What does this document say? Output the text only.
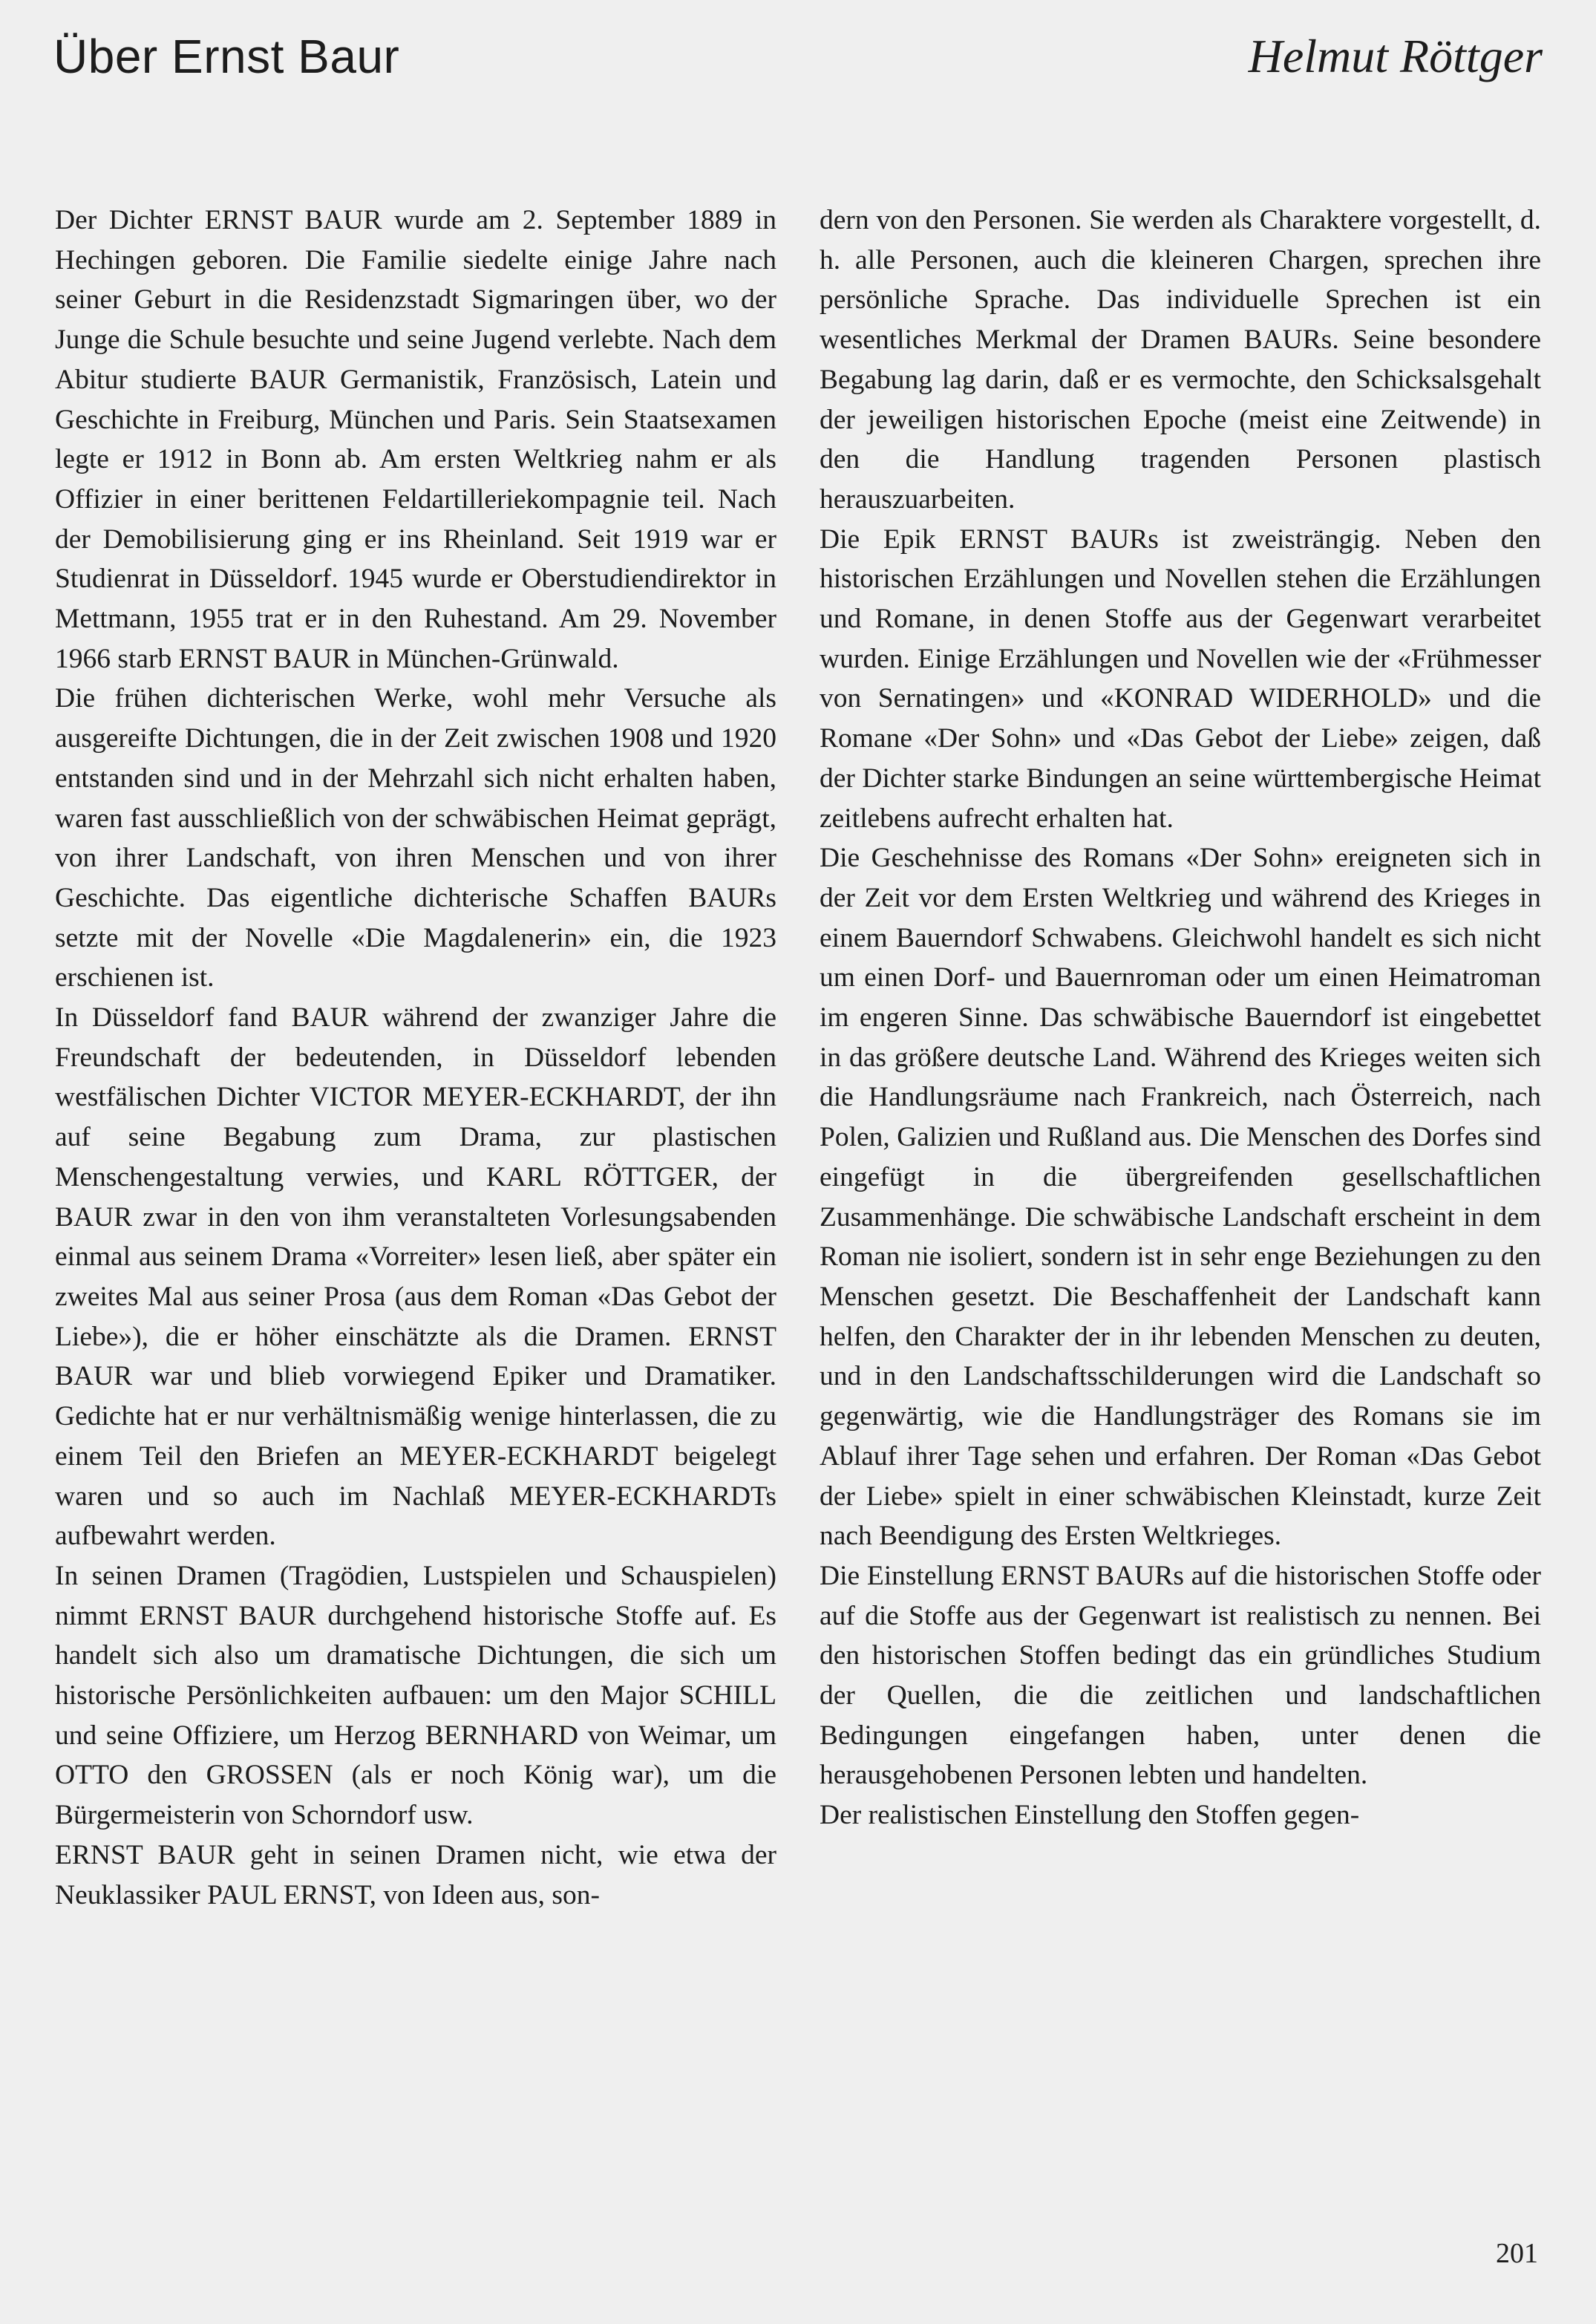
Über Ernst Baur	Helmut Röttger

Der Dichter ERNST BAUR wurde am 2. September 1889 in Hechingen geboren. Die Familie siedelte einige Jahre nach seiner Geburt in die Residenzstadt Sigmaringen über, wo der Junge die Schule besuchte und seine Jugend verlebte. Nach dem Abitur studierte BAUR Germanistik, Französisch, Latein und Geschichte in Freiburg, München und Paris. Sein Staatsexamen legte er 1912 in Bonn ab. Am ersten Weltkrieg nahm er als Offizier in einer berittenen Feldartilleriekompagnie teil. Nach der Demobilisierung ging er ins Rheinland. Seit 1919 war er Studienrat in Düsseldorf. 1945 wurde er Oberstudiendirektor in Mettmann, 1955 trat er in den Ruhestand. Am 29. November 1966 starb ERNST BAUR in München-Grünwald.

Die frühen dichterischen Werke, wohl mehr Versuche als ausgereifte Dichtungen, die in der Zeit zwischen 1908 und 1920 entstanden sind und in der Mehrzahl sich nicht erhalten haben, waren fast ausschließlich von der schwäbischen Heimat geprägt, von ihrer Landschaft, von ihren Menschen und von ihrer Geschichte. Das eigentliche dichterische Schaffen BAURs setzte mit der Novelle «Die Magdalenerin» ein, die 1923 erschienen ist.

In Düsseldorf fand BAUR während der zwanziger Jahre die Freundschaft der bedeutenden, in Düsseldorf lebenden westfälischen Dichter VICTOR MEYER-ECKHARDT, der ihn auf seine Begabung zum Drama, zur plastischen Menschengestaltung verwies, und KARL RÖTTGER, der BAUR zwar in den von ihm veranstalteten Vorlesungsabenden einmal aus seinem Drama «Vorreiter» lesen ließ, aber später ein zweites Mal aus seiner Prosa (aus dem Roman «Das Gebot der Liebe»), die er höher einschätzte als die Dramen. ERNST BAUR war und blieb vorwiegend Epiker und Dramatiker. Gedichte hat er nur verhältnismäßig wenige hinterlassen, die zu einem Teil den Briefen an MEYER-ECKHARDT beigelegt waren und so auch im Nachlaß MEYER-ECKHARDTs aufbewahrt werden.

In seinen Dramen (Tragödien, Lustspielen und Schauspielen) nimmt ERNST BAUR durchgehend historische Stoffe auf. Es handelt sich also um dramatische Dichtungen, die sich um historische Persönlichkeiten aufbauen: um den Major SCHILL und seine Offiziere, um Herzog BERNHARD von Weimar, um OTTO den GROSSEN (als er noch König war), um die Bürgermeisterin von Schorndorf usw.

ERNST BAUR geht in seinen Dramen nicht, wie etwa der Neuklassiker PAUL ERNST, von Ideen aus, son-

dern von den Personen. Sie werden als Charaktere vorgestellt, d. h. alle Personen, auch die kleineren Chargen, sprechen ihre persönliche Sprache. Das individuelle Sprechen ist ein wesentliches Merkmal der Dramen BAURs. Seine besondere Begabung lag darin, daß er es vermochte, den Schicksalsgehalt der jeweiligen historischen Epoche (meist eine Zeitwende) in den die Handlung tragenden Personen plastisch herauszuarbeiten.

Die Epik ERNST BAURs ist zweisträngig. Neben den historischen Erzählungen und Novellen stehen die Erzählungen und Romane, in denen Stoffe aus der Gegenwart verarbeitet wurden. Einige Erzählungen und Novellen wie der «Frühmesser von Sernatingen» und «KONRAD WIDERHOLD» und die Romane «Der Sohn» und «Das Gebot der Liebe» zeigen, daß der Dichter starke Bindungen an seine württembergische Heimat zeitlebens aufrecht erhalten hat.

Die Geschehnisse des Romans «Der Sohn» ereigneten sich in der Zeit vor dem Ersten Weltkrieg und während des Krieges in einem Bauerndorf Schwabens. Gleichwohl handelt es sich nicht um einen Dorf- und Bauernroman oder um einen Heimatroman im engeren Sinne. Das schwäbische Bauerndorf ist eingebettet in das größere deutsche Land. Während des Krieges weiten sich die Handlungsräume nach Frankreich, nach Österreich, nach Polen, Galizien und Rußland aus. Die Menschen des Dorfes sind eingefügt in die übergreifenden gesellschaftlichen Zusammenhänge. Die schwäbische Landschaft erscheint in dem Roman nie isoliert, sondern ist in sehr enge Beziehungen zu den Menschen gesetzt. Die Beschaffenheit der Landschaft kann helfen, den Charakter der in ihr lebenden Menschen zu deuten, und in den Landschaftsschilderungen wird die Landschaft so gegenwärtig, wie die Handlungsträger des Romans sie im Ablauf ihrer Tage sehen und erfahren. Der Roman «Das Gebot der Liebe» spielt in einer schwäbischen Kleinstadt, kurze Zeit nach Beendigung des Ersten Weltkrieges.

Die Einstellung ERNST BAURs auf die historischen Stoffe oder auf die Stoffe aus der Gegenwart ist realistisch zu nennen. Bei den historischen Stoffen bedingt das ein gründliches Studium der Quellen, die die zeitlichen und landschaftlichen Bedingungen eingefangen haben, unter denen die herausgehobenen Personen lebten und handelten.

Der realistischen Einstellung den Stoffen gegen-

201
